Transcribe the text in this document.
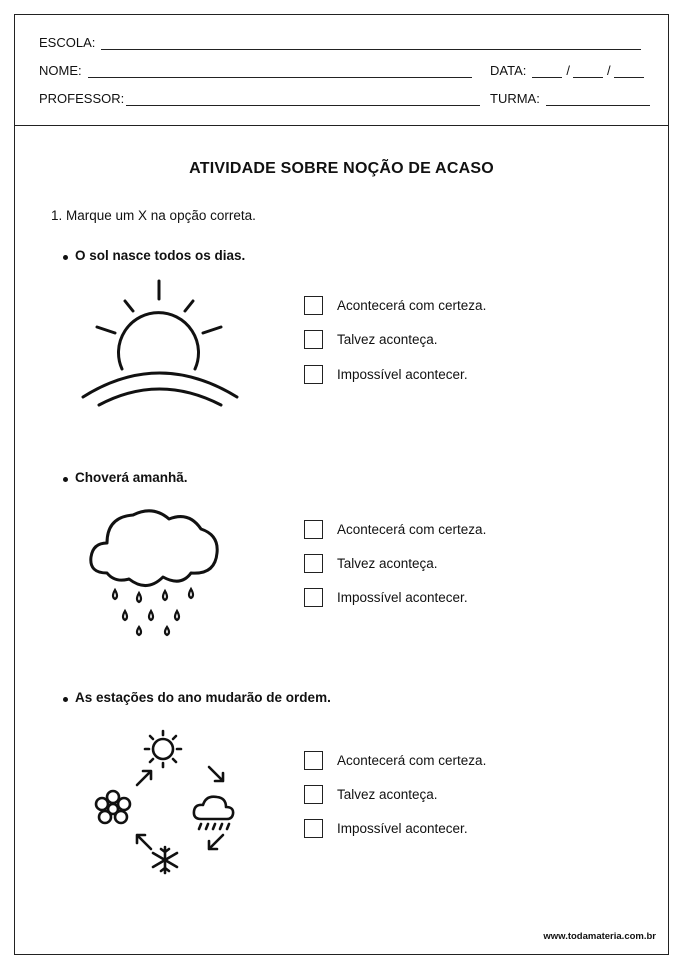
ESCOLA:
NOME:	DATA:	/	/
PROFESSOR:	TURMA:
ATIVIDADE SOBRE NOÇÃO DE ACASO
1. Marque um X na opção correta.
O sol nasce todos os dias.
Acontecerá com certeza.
Talvez aconteça.
Impossível acontecer.
Choverá amanhã.
Acontecerá com certeza.
Talvez aconteça.
Impossível acontecer.
As estações do ano mudarão de ordem.
Acontecerá com certeza.
Talvez aconteça.
Impossível acontecer.
www.todamateria.com.br
